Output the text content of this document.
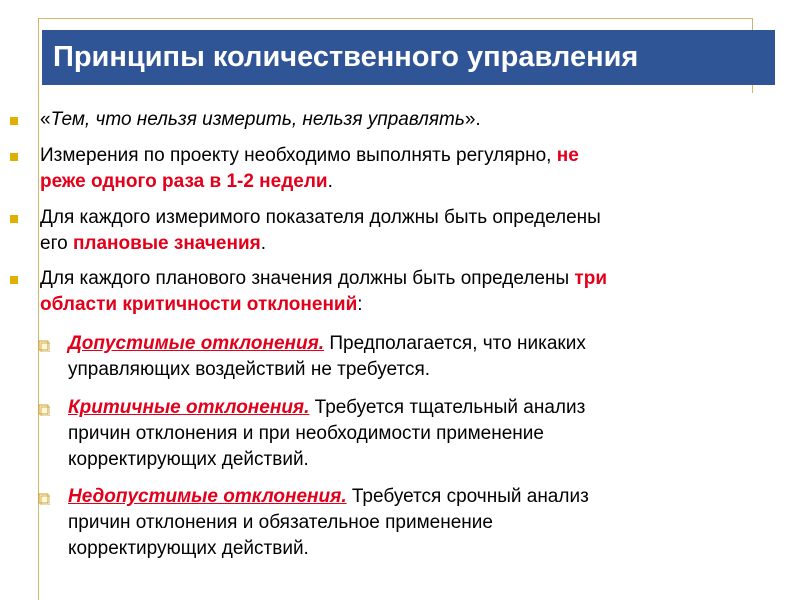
Принципы количественного управления
«Тем, что нельзя измерить, нельзя управлять».
Измерения по проекту необходимо выполнять регулярно, не
реже одного раза в 1-2 недели.
Для каждого измеримого показателя должны быть определены
его плановые значения.
Для каждого планового значения должны быть определены три
области критичности отклонений:
Допустимые отклонения. Предполагается, что никаких
управляющих воздействий не требуется.
Критичные отклонения. Требуется тщательный анализ
причин отклонения и при необходимости применение
корректирующих действий.
Недопустимые отклонения. Требуется срочный анализ
причин отклонения и обязательное применение
корректирующих действий.
